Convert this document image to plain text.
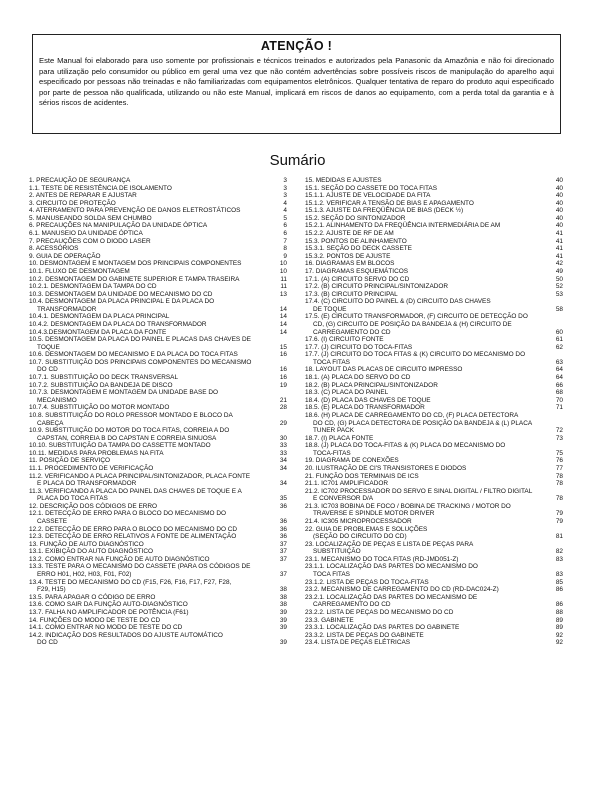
ATENÇÃO !

Este Manual foi elaborado para uso somente por profissionais e técnicos treinados e autorizados pela Panasonic da Amazônia e não foi direcionado para utilização pelo consumidor ou público em geral uma vez que não contém advertências sobre possíveis riscos de manipulação do aparelho aqui especificado por pessoas não treinadas e não familiarizadas com equipamentos eletrônicos. Qualquer tentativa de reparo do produto aqui especificado por parte de pessoa não qualificada, utilizando ou não este Manual, implicará em riscos de danos ao equipamento, com a perda total da garantia e à sérios riscos de acidentes.

Sumário
1. PRECAUÇÃO DE SEGURANÇA	3
1.1. TESTE DE RESISTÊNCIA DE ISOLAMENTO	3
2. ANTES DE REPARAR E AJUSTAR	3
3. CIRCUITO DE PROTEÇÃO	4
4. ATERRAMENTO PARA PREVENÇÃO DE DANOS ELETROSTÁTICOS	4
5. MANUSEANDO SOLDA SEM CHUMBO	5
6. PRECAUÇÕES NA MANIPULAÇÃO DA UNIDADE ÓPTICA	6
6.1. MANUSEIO DA UNIDADE ÓPTICA	6
7. PRECAUÇÕES COM O DIODO LASER	7
8. ACESSÓRIOS	8
9. GUIA DE OPERAÇÃO	9
10. DESMONTAGEM E MONTAGEM DOS PRINCIPAIS COMPONENTES	10
10.1. FLUXO DE DESMONTAGEM	10
10.2. DESMONTAGEM DO GABINETE SUPERIOR E TAMPA TRASEIRA	11
10.2.1. DESMONTAGEM DA TAMPA DO CD	11
10.3. DESMONTAGEM DA UNIDADE DO MECANISMO DO CD	13
10.4. DESMONTAGEM DA PLACA PRINCIPAL E DA PLACA DO
TRANSFORMADOR	14
10.4.1. DESMONTAGEM DA PLACA PRINCIPAL	14
10.4.2. DESMONTAGEM DA PLACA DO TRANSFORMADOR	14
10.4.3.DESMONTAGEM DA PLACA DA FONTE	14
10.5. DESMONTAGEM DA PLACA DO PAINEL E PLACAS DAS CHAVES DE
TOQUE	15
10.6. DESMONTAGEM DO MECANISMO E DA PLACA DO TOCA FITAS	16
10.7. SUBSTITUIÇÃO DOS PRINCIPAIS COMPONENTES DO MECANISMO
DO CD	16
10.7.1. SUBSTITUIÇÃO DO DECK TRANSVERSAL	16
10.7.2. SUBSTITUIÇÃO DA BANDEJA DE DISCO	19
10.7.3. DESMONTAGEM E MONTAGEM DA UNIDADE BASE DO
MECANISMO	21
10.7.4. SUBSTITUIÇÃO DO MOTOR MONTADO	28
10.8. SUBSTITUIÇÃO DO ROLO PRESSOR MONTADO E BLOCO DA
CABEÇA	29
10.9. SUBSTITUIÇÃO DO MOTOR DO TOCA FITAS, CORREIA A DO
CAPSTAN, CORREIA B DO CAPSTAN E CORREIA SINUOSA	30
10.10. SUBSTITUIÇÃO DA TAMPA DO CASSETTE MONTADO	33
10.11. MEDIDAS PARA PROBLEMAS NA FITA	33
11. POSIÇÃO DE SERVIÇO	34
11.1. PROCEDIMENTO DE VERIFICAÇÃO	34
11.2. VERIFICANDO A PLACA PRINCIPAL/SINTONIZADOR, PLACA FONTE
E PLACA DO TRANSFORMADOR	34
11.3. VERIFICANDO A PLACA DO PAINEL DAS CHAVES DE TOQUE E A
PLACA DO TOCA FITAS	35
12. DESCRIÇÃO DOS CÓDIGOS DE ERRO	36
12.1. DETECÇÃO DE ERRO PARA O BLOCO DO MECANISMO DO
CASSETE	36
12.2. DETECÇÃO DE ERRO PARA O BLOCO DO MECANISMO DO CD	36
12.3. DETECÇÃO DE ERRO RELATIVOS A FONTE DE ALIMENTAÇÃO	36
13. FUNÇÃO DE AUTO DIAGNÓSTICO	37
13.1. EXIBIÇÃO DO AUTO DIAGNÓSTICO	37
13.2. COMO ENTRAR NA FUNÇÃO DE AUTO DIAGNÓSTICO	37
13.3. TESTE PARA O MECANISMO DO CASSETE (PARA OS CÓDIGOS DE
ERRO H01, H02, H03, F01, F02)	37
13.4. TESTE DO MECANISMO DO CD (F15, F26, F16, F17, F27, F28,
F29, H15)	38
13.5. PARA APAGAR O CÓDIGO DE ERRO	38
13.6. COMO SAIR DA FUNÇÃO AUTO-DIAGNÓSTICO	38
13.7. FALHA NO AMPLIFICADOR DE POTÊNCIA (F61)	39
14. FUNÇÕES DO MODO DE TESTE DO CD	39
14.1. COMO ENTRAR NO MODO DE TESTE DO CD	39
14.2. INDICAÇÃO DOS RESULTADOS DO AJUSTE AUTOMÁTICO
DO CD	39
15. MEDIDAS E AJUSTES	40
15.1. SEÇÃO DO CASSETE DO TOCA FITAS	40
15.1.1. AJUSTE DE VELOCIDADE DA FITA	40
15.1.2. VERIFICAR A TENSÃO DE BIAS E APAGAMENTO	40
15.1.3. AJUSTE DA FREQÜÊNCIA DE BIAS (DECK ½)	40
15.2. SEÇÃO DO SINTONIZADOR	40
15.2.1. ALINHAMENTO DA FREQÜÊNCIA INTERMEDIÁRIA DE AM	40
15.2.2. AJUSTE DE RF DE AM	41
15.3. PONTOS DE ALINHAMENTO	41
15.3.1. SEÇÃO DO DECK CASSETE	41
15.3.2. PONTOS DE AJUSTE	41
16. DIAGRAMAS EM BLOCOS	42
17. DIAGRAMAS ESQUEMÁTICOS	49
17.1. (A) CIRCUITO SERVO DO CD	50
17.2. (B) CIRCUITO PRINCIPAL/SINTONIZADOR	52
17.3. (B) CIRCUITO PRINCIPAL	53
17.4. (C) CIRCUITO DO PAINEL & (D) CIRCUITO DAS CHAVES
DE TOQUE	58
17.5. (E) CIRCUITO TRANSFORMADOR, (F) CIRCUITO DE DETECÇÃO DO
CD, (G) CIRCUITO DE POSIÇÃO DA BANDEJA & (H) CIRCUITO DE CARREGAMENTO DO CD	60
17.6. (I) CIRCUITO FONTE	61
17.7. (J) CIRCUITO DO TOCA-FITAS	62
17.7. (J) CIRCUITO DO TOCA FITAS & (K) CIRCUITO DO MECANISMO DO
TOCA FITAS	63
18. LAYOUT DAS PLACAS DE CIRCUITO IMPRESSO	64
18.1. (A) PLACA DO SERVO DO CD	64
18.2. (B) PLACA PRINCIPAL/SINTONIZADOR	66
18.3. (C) PLACA DO PAINEL	68
18.4. (D) PLACA DAS CHAVES DE TOQUE	70
18.5. (E) PLACA DO TRANSFORMADOR	71
18.6. (H) PLACA DE CARREGAMENTO DO CD, (F) PLACA DETECTORA
DO CD, (G) PLACA DETECTORA DE POSIÇÃO DA BANDEJA & (L) PLACA TUNER PACK	72
18.7. (I) PLACA FONTE	73
18.8. (J) PLACA DO TOCA-FITAS & (K) PLACA DO MECANISMO DO
TOCA-FITAS	75
19. DIAGRAMA DE CONEXÕES	76
20. ILUSTRAÇÃO DE CI'S TRANSISTORES E DIODOS	77
21. FUNÇÃO DOS TERMINAIS DE ICS	78
21.1. IC701 AMPLIFICADOR	78
21.2. IC702 PROCESSADOR DO SERVO E SINAL DIGITAL / FILTRO DIGITAL
E CONVERSOR D/A	78
21.3. IC703 BOBINA DE FOCO / BOBINA DE TRACKING / MOTOR DO
TRAVERSE E SPINDLE MOTOR DRIVER	79
21.4. IC305 MICROPROCESSADOR	79
22. GUIA DE PROBLEMAS E SOLUÇÕES
(SEÇÃO DO CIRCUITO DO CD)	81
23. LOCALIZAÇÃO DE PEÇAS E LISTA DE PEÇAS PARA
SUBSTITUIÇÃO	82
23.1. MECANISMO DO TOCA FITAS (RD-JMD051-Z)	83
23.1.1. LOCALIZAÇÃO DAS PARTES DO MECANISMO DO
TOCA FITAS	83
23.1.2. LISTA DE PEÇAS DO TOCA-FITAS	85
23.2. MECANISMO DE CARREGAMENTO DO CD (RD-DAC024-Z)	86
23.2.1. LOCALIZAÇÃO DAS PARTES DO MECANISMO DE
CARREGAMENTO DO CD	86
23.2.2. LISTA DE PEÇAS DO MECANISMO DO CD	88
23.3. GABINETE	89
23.3.1. LOCALIZAÇÃO DAS PARTES DO GABINETE	89
23.3.2. LISTA DE PEÇAS DO GABINETE	92
23.4. LISTA DE PEÇAS ELÉTRICAS	92
